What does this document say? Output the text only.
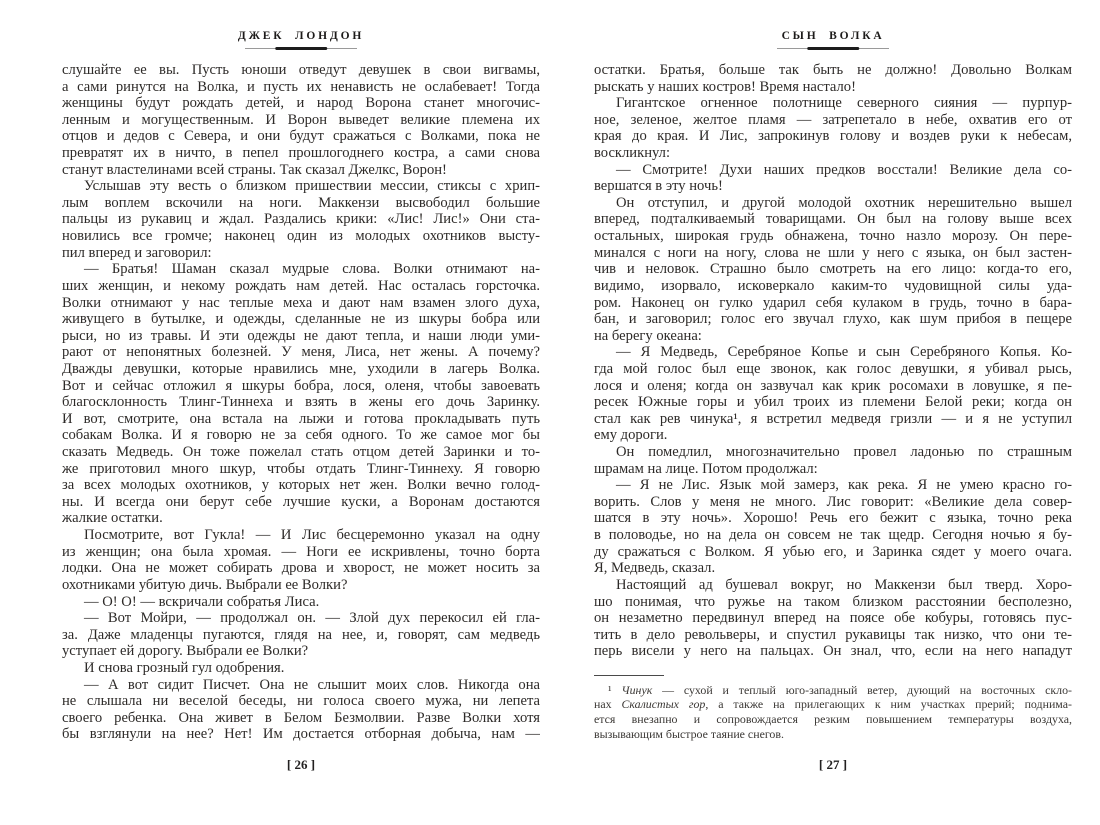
ДЖЕК ЛОНДОН
слушайте ее вы. Пусть юноши отведут девушек в свои вигвамы,
а сами ринутся на Волка, и пусть их ненависть не ослабевает! Тогда
женщины будут рождать детей, и народ Ворона станет многочис-
ленным и могущественным. И Ворон выведет великие племена их
отцов и дедов с Севера, и они будут сражаться с Волками, пока не
превратят их в ничто, в пепел прошлогоднего костра, а сами снова
станут властелинами всей страны. Так сказал Джелкс, Ворон!
Услышав эту весть о близком пришествии мессии, стиксы с хрип-
лым воплем вскочили на ноги. Маккензи высвободил большие
пальцы из рукавиц и ждал. Раздались крики: «Лис! Лис!» Они ста-
новились все громче; наконец один из молодых охотников высту-
пил вперед и заговорил:
— Братья! Шаман сказал мудрые слова. Волки отнимают на-
ших женщин, и некому рождать нам детей. Нас осталась горсточка.
Волки отнимают у нас теплые меха и дают нам взамен злого духа,
живущего в бутылке, и одежды, сделанные не из шкуры бобра или
рыси, но из травы. И эти одежды не дают тепла, и наши люди уми-
рают от непонятных болезней. У меня, Лиса, нет жены. А почему?
Дважды девушки, которые нравились мне, уходили в лагерь Волка.
Вот и сейчас отложил я шкуры бобра, лося, оленя, чтобы завоевать
благосклонность Тлинг-Тиннеха и взять в жены его дочь Заринку.
И вот, смотрите, она встала на лыжи и готова прокладывать путь
собакам Волка. И я говорю не за себя одного. То же самое мог бы
сказать Медведь. Он тоже пожелал стать отцом детей Заринки и то-
же приготовил много шкур, чтобы отдать Тлинг-Тиннеху. Я говорю
за всех молодых охотников, у которых нет жен. Волки вечно голод-
ны. И всегда они берут себе лучшие куски, а Воронам достаются
жалкие остатки.
Посмотрите, вот Гукла! — И Лис бесцеремонно указал на одну
из женщин; она была хромая. — Ноги ее искривлены, точно борта
лодки. Она не может собирать дрова и хворост, не может носить за
охотниками убитую дичь. Выбрали ее Волки?
— О! О! — вскричали собратья Лиса.
— Вот Мойри, — продолжал он. — Злой дух перекосил ей гла-
за. Даже младенцы пугаются, глядя на нее, и, говорят, сам медведь
уступает ей дорогу. Выбрали ее Волки?
И снова грозный гул одобрения.
— А вот сидит Писчет. Она не слышит моих слов. Никогда она
не слышала ни веселой беседы, ни голоса своего мужа, ни лепета
своего ребенка. Она живет в Белом Безмолвии. Разве Волки хотя
бы взглянули на нее? Нет! Им достается отборная добыча, нам —
[ 26 ]
СЫН ВОЛКА
остатки. Братья, больше так быть не должно! Довольно Волкам
рыскать у наших костров! Время настало!
Гигантское огненное полотнище северного сияния — пурпур-
ное, зеленое, желтое пламя — затрепетало в небе, охватив его от
края до края. И Лис, запрокинув голову и воздев руки к небесам,
воскликнул:
— Смотрите! Духи наших предков восстали! Великие дела со-
вершатся в эту ночь!
Он отступил, и другой молодой охотник нерешительно вышел
вперед, подталкиваемый товарищами. Он был на голову выше всех
остальных, широкая грудь обнажена, точно назло морозу. Он пере-
минался с ноги на ногу, слова не шли у него с языка, он был застен-
чив и неловок. Страшно было смотреть на его лицо: когда-то его,
видимо, изорвало, исковеркало каким-то чудовищной силы уда-
ром. Наконец он гулко ударил себя кулаком в грудь, точно в бара-
бан, и заговорил; голос его звучал глухо, как шум прибоя в пещере
на берегу океана:
— Я Медведь, Серебряное Копье и сын Серебряного Копья. Ко-
гда мой голос был еще звонок, как голос девушки, я убивал рысь,
лося и оленя; когда он зазвучал как крик росомахи в ловушке, я пе-
ресек Южные горы и убил троих из племени Белой реки; когда он
стал как рев чинука¹, я встретил медведя гризли — и я не уступил
ему дороги.
Он помедлил, многозначительно провел ладонью по страшным
шрамам на лице. Потом продолжал:
— Я не Лис. Язык мой замерз, как река. Я не умею красно го-
ворить. Слов у меня не много. Лис говорит: «Великие дела совер-
шатся в эту ночь». Хорошо! Речь его бежит с языка, точно река
в половодье, но на дела он совсем не так щедр. Сегодня ночью я бу-
ду сражаться с Волком. Я убью его, и Заринка сядет у моего очага.
Я, Медведь, сказал.
Настоящий ад бушевал вокруг, но Маккензи был тверд. Хоро-
шо понимая, что ружье на таком близком расстоянии бесполезно,
он незаметно передвинул вперед на поясе обе кобуры, готовясь пус-
тить в дело револьверы, и спустил рукавицы так низко, что они те-
перь висели у него на пальцах. Он знал, что, если на него нападут
¹ Чинук — сухой и теплый юго-западный ветер, дующий на восточных скло-
нах Скалистых гор, а также на прилегающих к ним участках прерий; поднима-
ется внезапно и сопровождается резким повышением температуры воздуха,
вызывающим быстрое таяние снегов.
[ 27 ]
